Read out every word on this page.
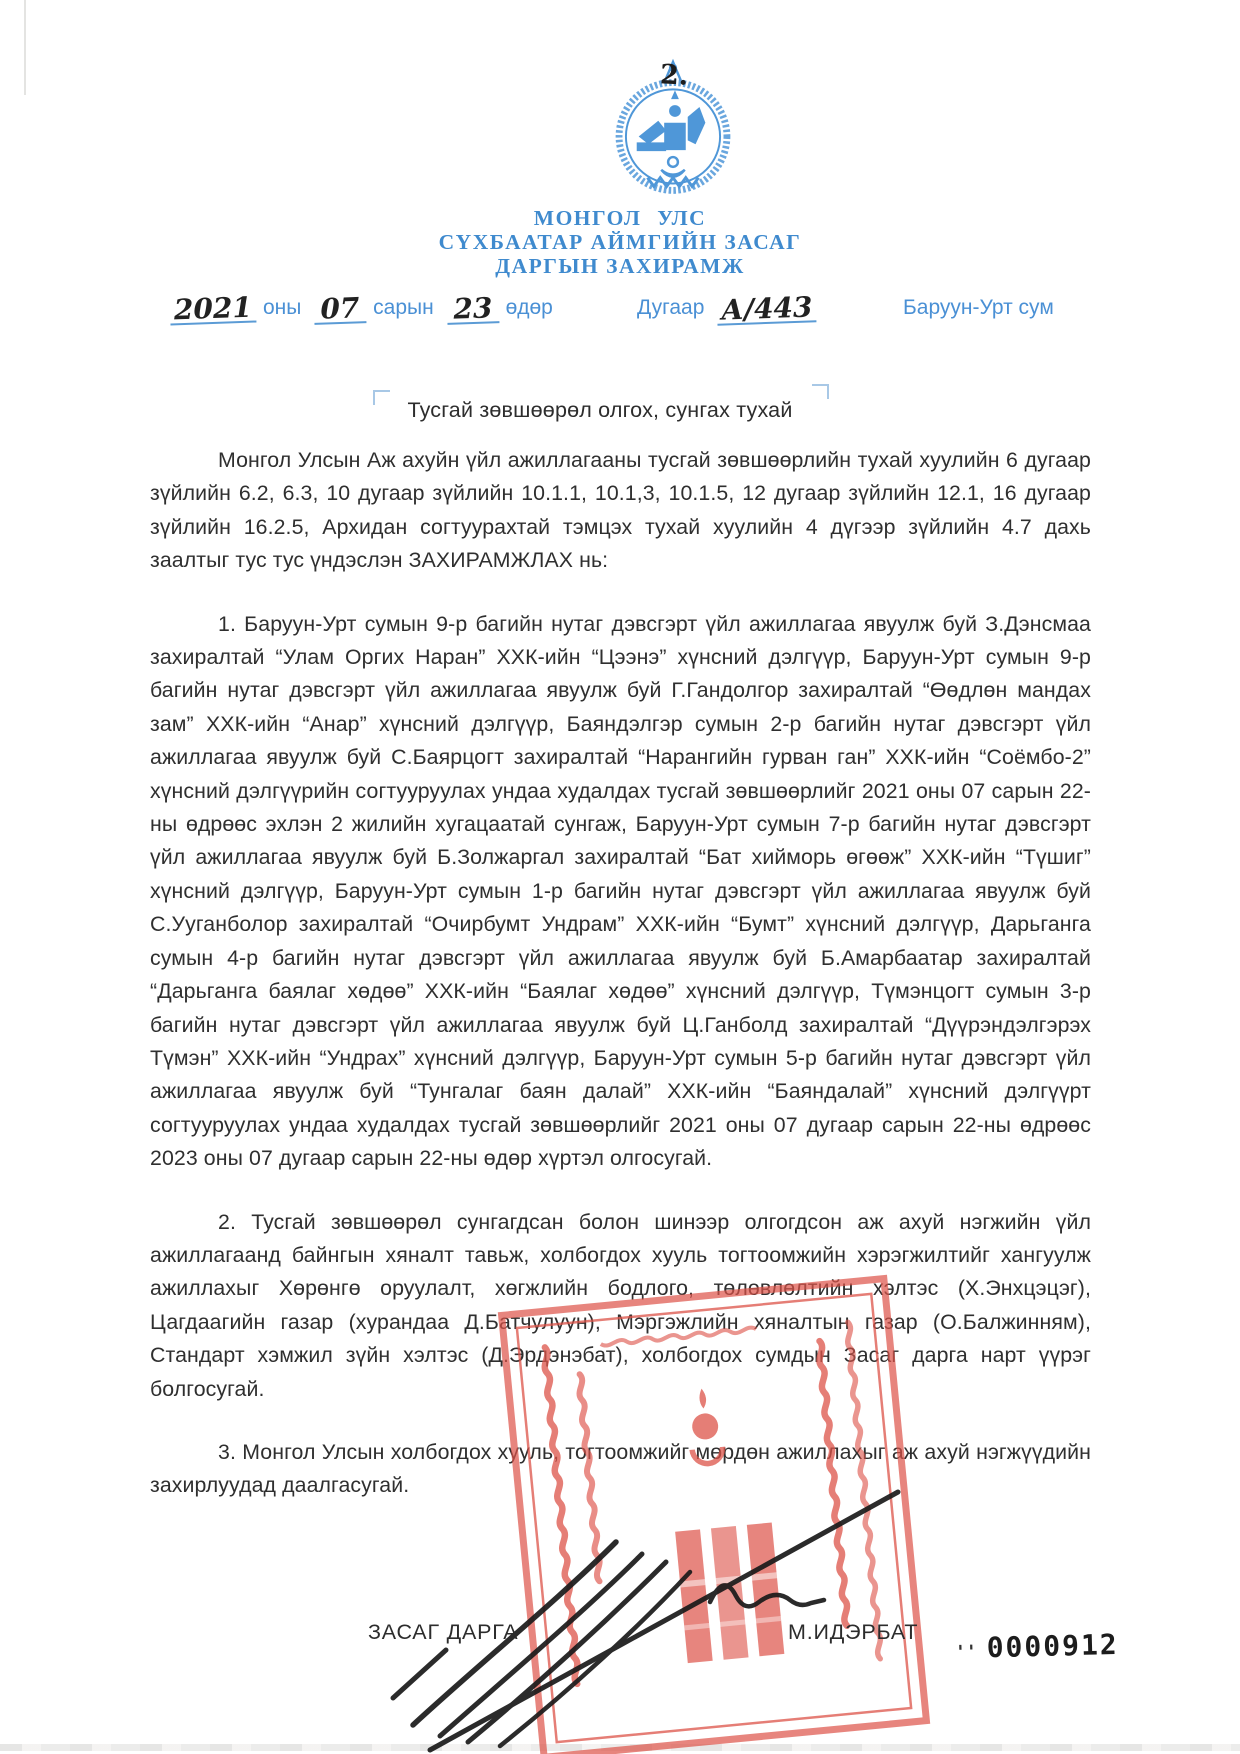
2.
МОНГОЛ УЛС
СҮХБААТАР АЙМГИЙН ЗАСАГ
ДАРГЫН ЗАХИРАМЖ
2021 оны 07 сарын 23 өдөр	Дугаар А/443	Баруун-Урт сум
Тусгай зөвшөөрөл олгох, сунгах тухай

Монгол Улсын Аж ахуйн үйл ажиллагааны тусгай зөвшөөрлийн тухай хуулийн 6 дугаар зүйлийн 6.2, 6.3, 10 дугаар зүйлийн 10.1.1, 10.1,3, 10.1.5, 12 дугаар зүйлийн 12.1, 16 дугаар зүйлийн 16.2.5, Архидан согтуурахтай тэмцэх тухай хуулийн 4 дүгээр зүйлийн 4.7 дахь заалтыг тус тус үндэслэн ЗАХИРАМЖЛАХ нь:

1. Баруун-Урт сумын 9-р багийн нутаг дэвсгэрт үйл ажиллагаа явуулж буй З.Дэнсмаа захиралтай “Улам Оргих Наран” ХХК-ийн “Цээнэ” хүнсний дэлгүүр, Баруун-Урт сумын 9-р багийн нутаг дэвсгэрт үйл ажиллагаа явуулж буй Г.Гандолгор захиралтай “Өөдлөн мандах зам” ХХК-ийн “Анар” хүнсний дэлгүүр, Баяндэлгэр сумын 2-р багийн нутаг дэвсгэрт үйл ажиллагаа явуулж буй С.Баярцогт захиралтай “Нарангийн гурван ган” ХХК-ийн “Соёмбо-2” хүнсний дэлгүүрийн согтууруулах ундаа худалдах тусгай зөвшөөрлийг 2021 оны 07 сарын 22-ны өдрөөс эхлэн 2 жилийн хугацаатай сунгаж, Баруун-Урт сумын 7-р багийн нутаг дэвсгэрт үйл ажиллагаа явуулж буй Б.Золжаргал захиралтай “Бат хийморь өгөөж” ХХК-ийн “Түшиг” хүнсний дэлгүүр, Баруун-Урт сумын 1-р багийн нутаг дэвсгэрт үйл ажиллагаа явуулж буй С.Ууганболор захиралтай “Очирбумт Ундрам” ХХК-ийн “Бумт” хүнсний дэлгүүр, Дарьганга сумын 4-р багийн нутаг дэвсгэрт үйл ажиллагаа явуулж буй Б.Амарбаатар захиралтай “Дарьганга баялаг хөдөө” ХХК-ийн “Баялаг хөдөө” хүнсний дэлгүүр, Түмэнцогт сумын 3-р багийн нутаг дэвсгэрт үйл ажиллагаа явуулж буй Ц.Ганболд захиралтай “Дүүрэндэлгэрэх Түмэн” ХХК-ийн “Ундрах” хүнсний дэлгүүр, Баруун-Урт сумын 5-р багийн нутаг дэвсгэрт үйл ажиллагаа явуулж буй “Тунгалаг баян далай” ХХК-ийн “Баяндалай” хүнсний дэлгүүрт согтууруулах ундаа худалдах тусгай зөвшөөрлийг 2021 оны 07 дугаар сарын 22-ны өдрөөс 2023 оны 07 дугаар сарын 22-ны өдөр хүртэл олгосугай.

2. Тусгай зөвшөөрөл сунгагдсан болон шинээр олгогдсон аж ахуй нэгжийн үйл ажиллагаанд байнгын хяналт тавьж, холбогдох хууль тогтоомжийн хэрэгжилтийг хангуулж ажиллахыг Хөрөнгө оруулалт, хөгжлийн бодлого, төлөвлөлтийн хэлтэс (Х.Энхцэцэг), Цагдаагийн газар (хурандаа Д.Батчулуун), Мэргэжлийн хяналтын газар (О.Балжинням), Стандарт хэмжил зүйн хэлтэс (Д.Эрдэнэбат), холбогдох сумдын Засаг дарга нарт үүрэг болгосугай.

3. Монгол Улсын холбогдох хууль, тогтоомжийг мөрдөн ажиллахыг аж ахуй нэгжүүдийн захирлуудад даалгасугай.

ЗАСАГ ДАРГА	М.ИДЭРБАТ
'' 0000912
